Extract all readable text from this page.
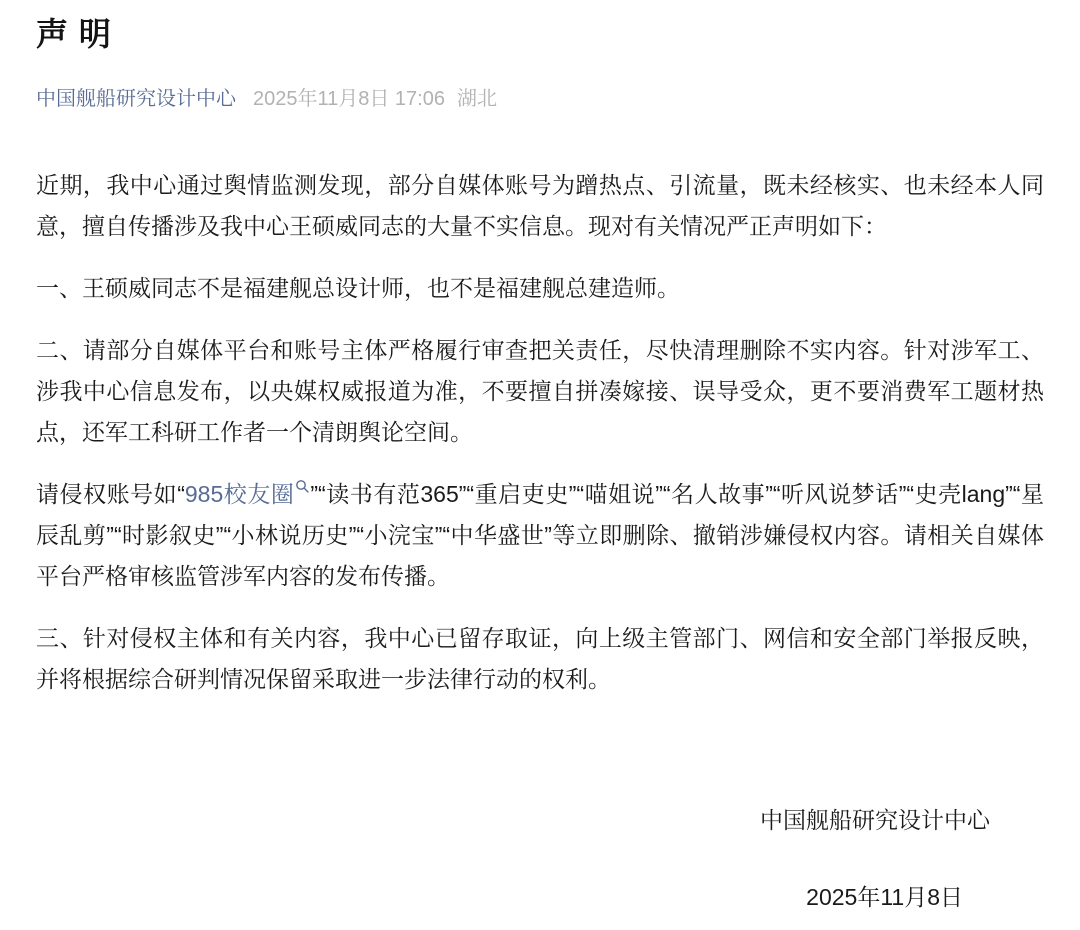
声 明
中国舰船研究设计中心 2025年11月8日 17:06 湖北

近期，我中心通过舆情监测发现，部分自媒体账号为蹭热点、引流量，既未经核实、也未经本人同意，擅自传播涉及我中心王硕威同志的大量不实信息。现对有关情况严正声明如下：

一、王硕威同志不是福建舰总设计师，也不是福建舰总建造师。

二、请部分自媒体平台和账号主体严格履行审查把关责任，尽快清理删除不实内容。针对涉军工、涉我中心信息发布，以央媒权威报道为准，不要擅自拼凑嫁接、误导受众，更不要消费军工题材热点，还军工科研工作者一个清朗舆论空间。

请侵权账号如“985校友圈 ”“读书有范365”“重启吏史”“喵姐说”“名人故事”“听风说梦话”“史壳lang”“星辰乱剪”“时影叙史”“小林说历史”“小浣宝”“中华盛世”等立即删除、撤销涉嫌侵权内容。请相关自媒体平台严格审核监管涉军内容的发布传播。

三、针对侵权主体和有关内容，我中心已留存取证，向上级主管部门、网信和安全部门举报反映，并将根据综合研判情况保留采取进一步法律行动的权利。

中国舰船研究设计中心
2025年11月8日
